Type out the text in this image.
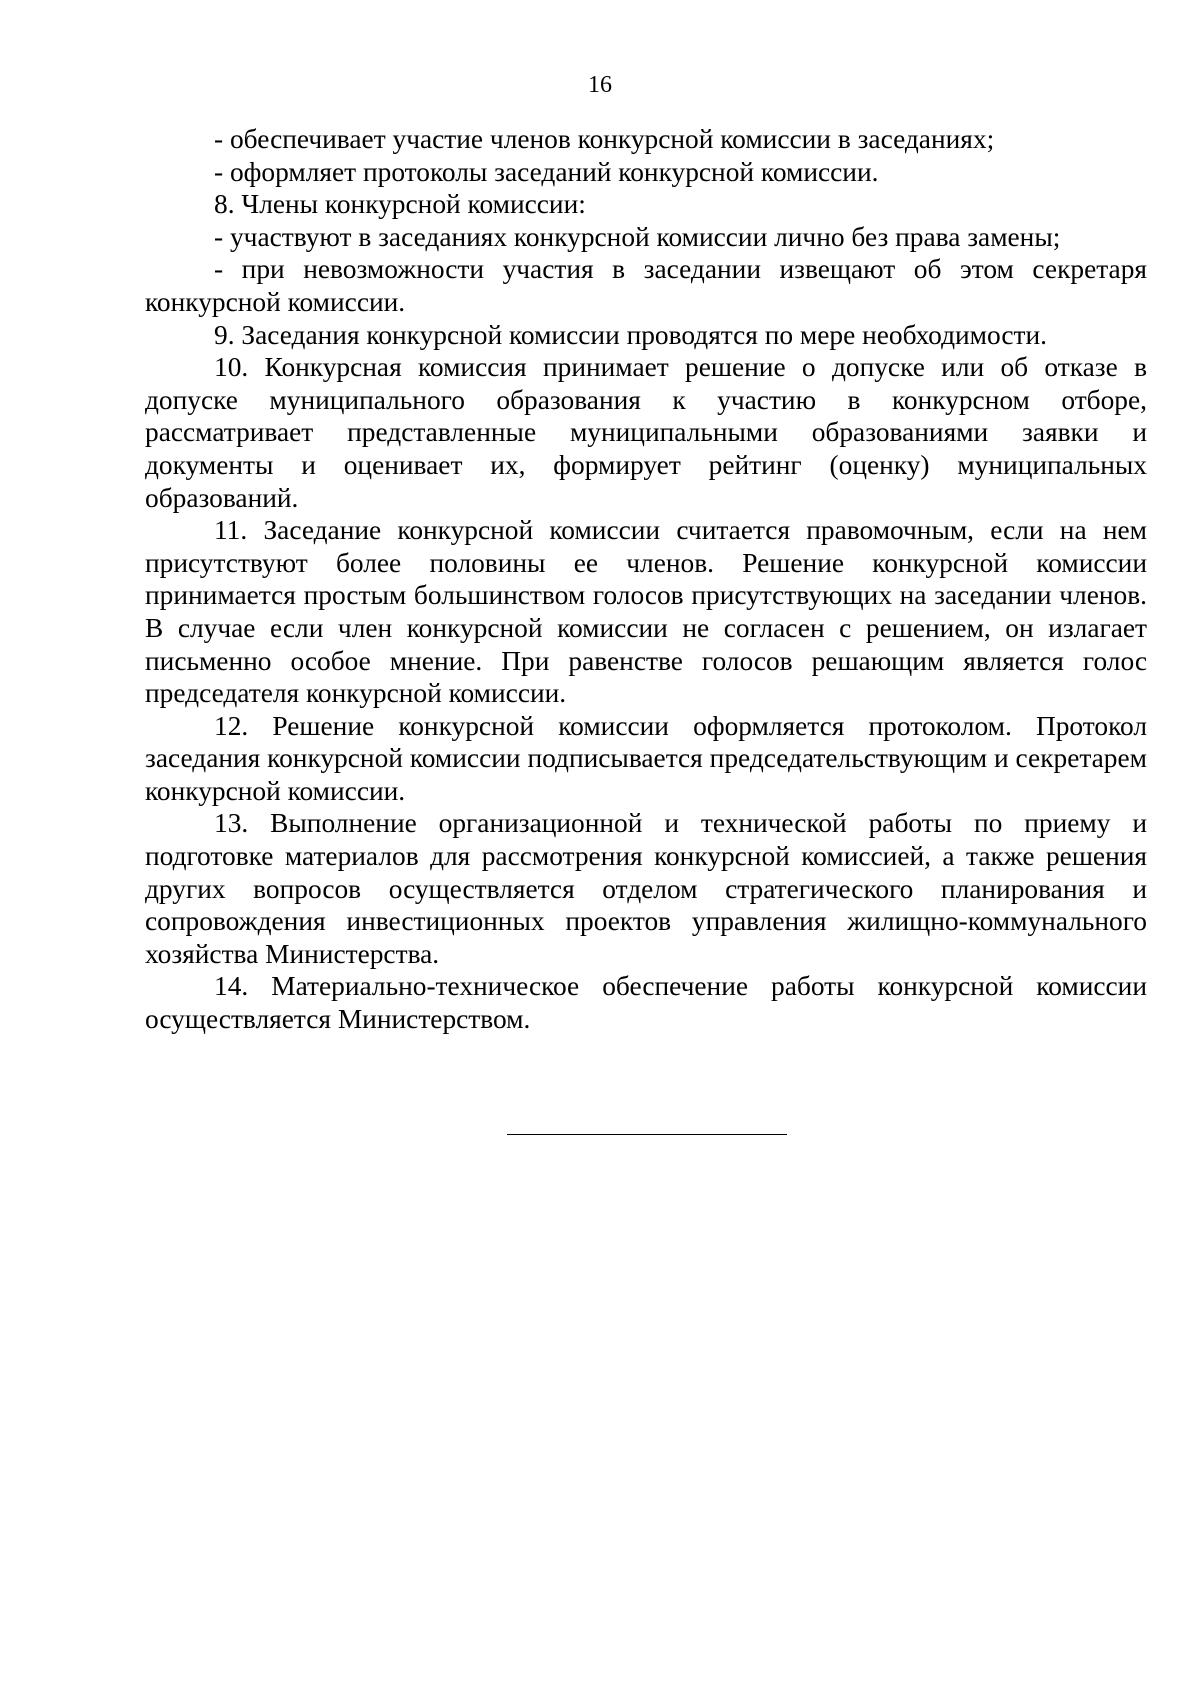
16

- обеспечивает участие членов конкурсной комиссии в заседаниях;

- оформляет протоколы заседаний конкурсной комиссии.

8. Члены конкурсной комиссии:

- участвуют в заседаниях конкурсной комиссии лично без права замены;

- при невозможности участия в заседании извещают об этом секретаря конкурсной комиссии.

9. Заседания конкурсной комиссии проводятся по мере необходимости.

10. Конкурсная комиссия принимает решение о допуске или об отказе в допуске муниципального образования к участию в конкурсном отборе, рассматривает представленные муниципальными образованиями заявки и документы и оценивает их, формирует рейтинг (оценку) муниципальных образований.

11. Заседание конкурсной комиссии считается правомочным, если на нем присутствуют более половины ее членов. Решение конкурсной комиссии принимается простым большинством голосов присутствующих на заседании членов. В случае если член конкурсной комиссии не согласен с решением, он излагает письменно особое мнение. При равенстве голосов решающим является голос председателя конкурсной комиссии.

12. Решение конкурсной комиссии оформляется протоколом. Протокол заседания конкурсной комиссии подписывается председательствующим и секретарем конкурсной комиссии.

13. Выполнение организационной и технической работы по приему и подготовке материалов для рассмотрения конкурсной комиссией, а также решения других вопросов осуществляется отделом стратегического планирования и сопровождения инвестиционных проектов управления жилищно-коммунального хозяйства Министерства.

14. Материально-техническое обеспечение работы конкурсной комиссии осуществляется Министерством.
